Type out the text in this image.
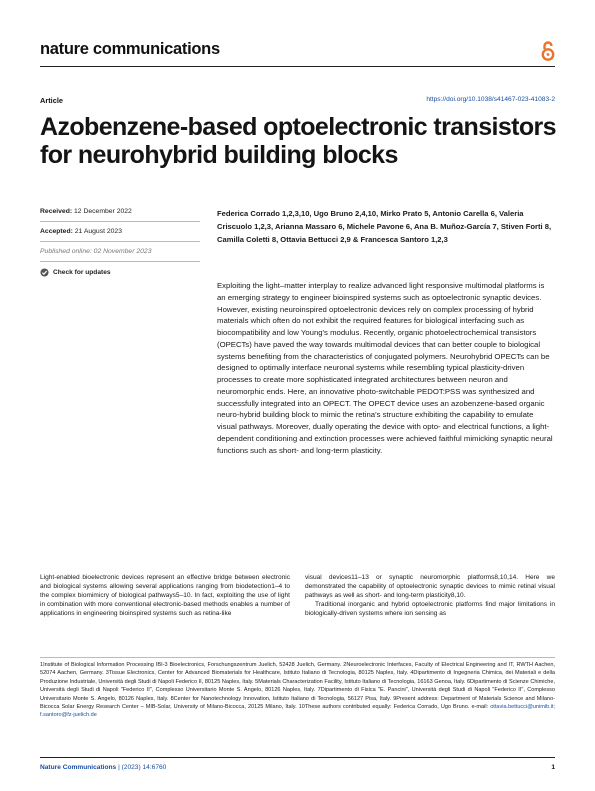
nature communications
Article	https://doi.org/10.1038/s41467-023-41083-2
Azobenzene-based optoelectronic transistors for neurohybrid building blocks
Received: 12 December 2022
Accepted: 21 August 2023
Published online: 02 November 2023
Check for updates
Federica Corrado 1,2,3,10, Ugo Bruno 2,4,10, Mirko Prato 5, Antonio Carella 6, Valeria Criscuolo 1,2,3, Arianna Massaro 6, Michele Pavone 6, Ana B. Muñoz-García 7, Stiven Forti 8, Camilla Coletti 8, Ottavia Bettucci 2,9 & Francesca Santoro 1,2,3

Exploiting the light–matter interplay to realize advanced light responsive multimodal platforms is an emerging strategy to engineer bioinspired systems such as optoelectronic synaptic devices. However, existing neuroinspired optoelectronic devices rely on complex processing of hybrid materials which often do not exhibit the required features for biological interfacing such as biocompatibility and low Young's modulus. Recently, organic photoelectrochemical transistors (OPECTs) have paved the way towards multimodal devices that can better couple to biological systems benefiting from the characteristics of conjugated polymers. Neurohybrid OPECTs can be designed to optimally interface neuronal systems while resembling typical plasticity-driven processes to create more sophisticated integrated architectures between neuron and neuromorphic ends. Here, an innovative photo-switchable PEDOT:PSS was synthesized and successfully integrated into an OPECT. The OPECT device uses an azobenzene-based organic neuro-hybrid building block to mimic the retina's structure exhibiting the capability to emulate visual pathways. Moreover, dually operating the device with opto- and electrical functions, a light-dependent conditioning and extinction processes were achieved faithful mimicking synaptic neural functions such as short- and long-term plasticity.

Light-enabled bioelectronic devices represent an effective bridge between electronic and biological systems allowing several applications ranging from biodetection1–4 to the complex biomimicry of biological pathways5–10. In fact, exploiting the use of light in combination with more conventional electronic-based methods enables a number of applications in engineering bioinspired systems such as retina-like

visual devices11–13 or synaptic neuromorphic platforms8,10,14. Here we demonstrated the capability of optoelectronic synaptic devices to mimic retinal visual pathways as well as short- and long-term plasticity8,10.

Traditional inorganic and hybrid optoelectronic platforms find major limitations in biologically-driven systems where ion sensing as

1Institute of Biological Information Processing IBI-3 Bioelectronics, Forschungszentrum Juelich, 52428 Juelich, Germany. 2Neuroelectronic Interfaces, Faculty of Electrical Engineering and IT, RWTH Aachen, 52074 Aachen, Germany. 3Tissue Electronics, Center for Advanced Biomaterials for Healthcare, Istituto Italiano di Tecnologia, 80125 Naples, Italy. 4Dipartimento di Ingegneria Chimica, dei Materiali e della Produzione Industriale, Università degli Studi di Napoli Federico II, 80125 Naples, Italy. 5Materials Characterization Facility, Istituto Italiano di Tecnologia, 16163 Genoa, Italy. 6Dipartimento di Scienze Chimiche, Università degli Studi di Napoli "Federico II", Complesso Universitario Monte S. Angelo, 80126 Naples, Italy. 7Dipartimento di Fisica "E. Pancini", Università degli Studi di Napoli "Federico II", Complesso Universitario Monte S. Angelo, 80126 Naples, Italy. 8Center for Nanotechnology Innovation, Istituto Italiano di Tecnologia, 56127 Pisa, Italy. 9Present address: Department of Materials Science and Milano-Bicocca Solar Energy Research Center – MIB-Solar, University of Milano-Bicocca, 20125 Milano, Italy. 10These authors contributed equally: Federica Corrado, Ugo Bruno. e-mail: ottavia.bettucci@unimib.it; f.santoro@fz-juelich.de
Nature Communications | (2023) 14:6760	1
